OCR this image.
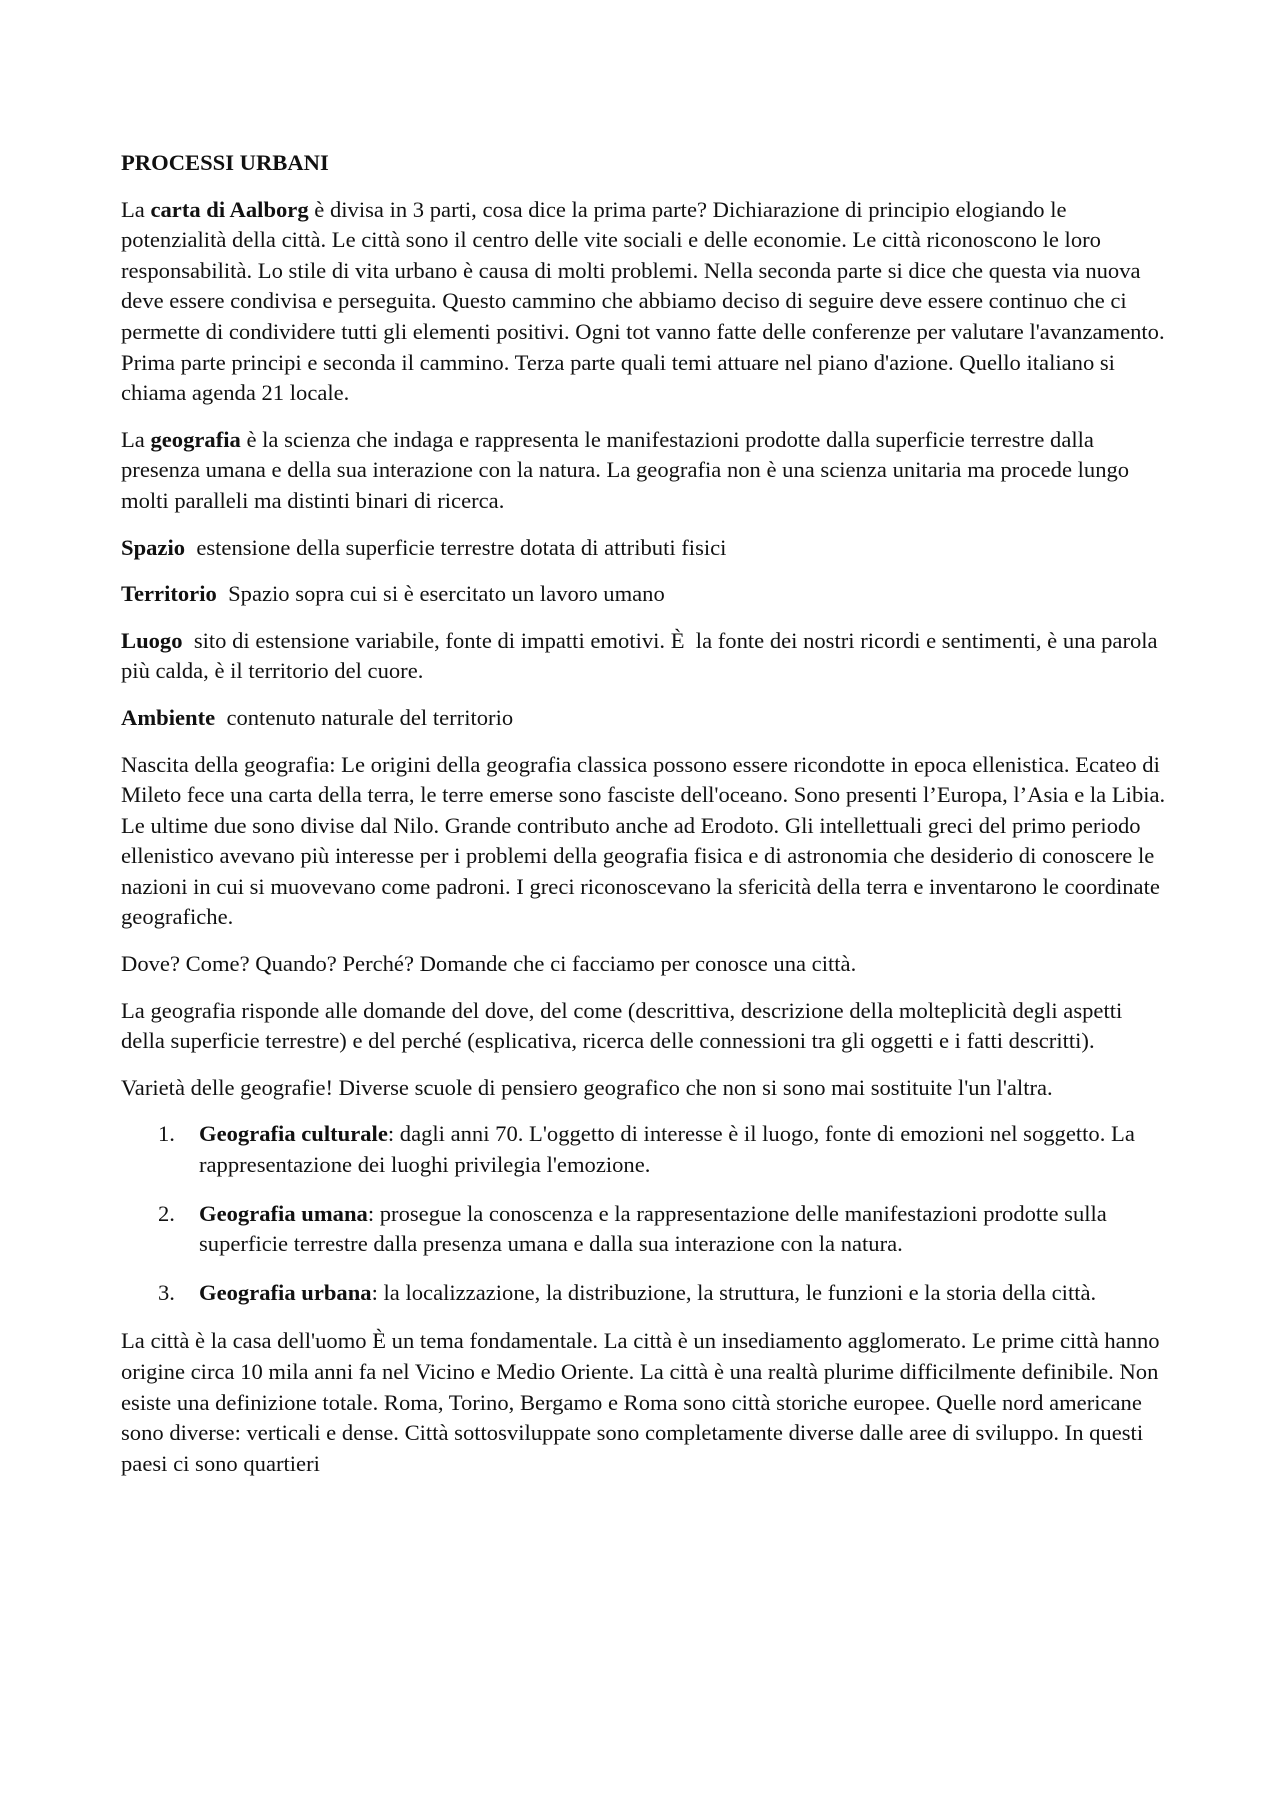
PROCESSI URBANI

La carta di Aalborg è divisa in 3 parti, cosa dice la prima parte? Dichiarazione di principio elogiando le potenzialità della città. Le città sono il centro delle vite sociali e delle economie. Le città riconoscono le loro responsabilità. Lo stile di vita urbano è causa di molti problemi. Nella seconda parte si dice che questa via nuova deve essere condivisa e perseguita. Questo cammino che abbiamo deciso di seguire deve essere continuo che ci permette di condividere tutti gli elementi positivi. Ogni tot vanno fatte delle conferenze per valutare l'avanzamento. Prima parte principi e seconda il cammino. Terza parte quali temi attuare nel piano d'azione. Quello italiano si chiama agenda 21 locale.

La geografia è la scienza che indaga e rappresenta le manifestazioni prodotte dalla superficie terrestre dalla presenza umana e della sua interazione con la natura. La geografia non è una scienza unitaria ma procede lungo molti paralleli ma distinti binari di ricerca.

Spazio  estensione della superficie terrestre dotata di attributi fisici

Territorio  Spazio sopra cui si è esercitato un lavoro umano

Luogo  sito di estensione variabile, fonte di impatti emotivi. È  la fonte dei nostri ricordi e sentimenti, è una parola più calda, è il territorio del cuore.

Ambiente  contenuto naturale del territorio

Nascita della geografia: Le origini della geografia classica possono essere ricondotte in epoca ellenistica. Ecateo di Mileto fece una carta della terra, le terre emerse sono fasciste dell'oceano. Sono presenti l’Europa, l’Asia e la Libia. Le ultime due sono divise dal Nilo. Grande contributo anche ad Erodoto. Gli intellettuali greci del primo periodo ellenistico avevano più interesse per i problemi della geografia fisica e di astronomia che desiderio di conoscere le nazioni in cui si muovevano come padroni. I greci riconoscevano la sfericità della terra e inventarono le coordinate geografiche.

Dove? Come? Quando? Perché? Domande che ci facciamo per conosce una città.

La geografia risponde alle domande del dove, del come (descrittiva, descrizione della molteplicità degli aspetti della superficie terrestre) e del perché (esplicativa, ricerca delle connessioni tra gli oggetti e i fatti descritti).

Varietà delle geografie! Diverse scuole di pensiero geografico che non si sono mai sostituite l'un l'altra.

1. Geografia culturale: dagli anni 70. L'oggetto di interesse è il luogo, fonte di emozioni nel soggetto. La rappresentazione dei luoghi privilegia l'emozione.
2. Geografia umana: prosegue la conoscenza e la rappresentazione delle manifestazioni prodotte sulla superficie terrestre dalla presenza umana e dalla sua interazione con la natura.
3. Geografia urbana: la localizzazione, la distribuzione, la struttura, le funzioni e la storia della città.

La città è la casa dell'uomo È un tema fondamentale. La città è un insediamento agglomerato. Le prime città hanno origine circa 10 mila anni fa nel Vicino e Medio Oriente. La città è una realtà plurime difficilmente definibile. Non esiste una definizione totale. Roma, Torino, Bergamo e Roma sono città storiche europee. Quelle nord americane sono diverse: verticali e dense. Città sottosviluppate sono completamente diverse dalle aree di sviluppo. In questi paesi ci sono quartieri
